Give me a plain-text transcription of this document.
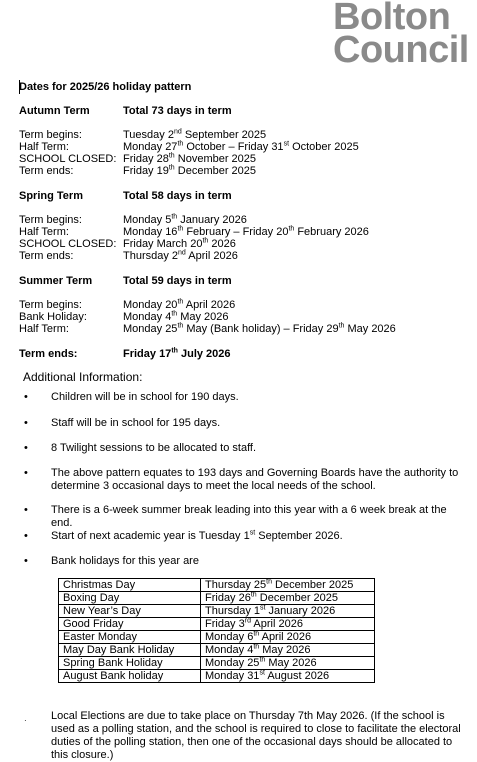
Bolton
Council
Dates for 2025/26 holiday pattern
Autumn Term	Total 73 days in term
Term begins:	Tuesday 2nd September 2025
Half Term:	Monday 27th October – Friday 31st October 2025
SCHOOL CLOSED: Friday 28th November 2025
Term ends:	Friday 19th December 2025
Spring Term	Total 58 days in term
Term begins:	Monday 5th January 2026
Half Term:	Monday 16th February – Friday 20th February 2026
SCHOOL CLOSED: Friday March 20th 2026
Term ends:	Thursday 2nd April 2026
Summer Term	Total 59 days in term
Term begins:	Monday 20th April 2026
Bank Holiday:	Monday 4th May 2026
Half Term:	Monday 25th May (Bank holiday) – Friday 29th May 2026
Term ends:	Friday 17th July 2026
Additional Information:
• Children will be in school for 190 days.
• Staff will be in school for 195 days.
• 8 Twilight sessions to be allocated to staff.
• The above pattern equates to 193 days and Governing Boards have the authority to determine 3 occasional days to meet the local needs of the school.
• There is a 6-week summer break leading into this year with a 6 week break at the end.
• Start of next academic year is Tuesday 1st September 2026.
• Bank holidays for this year are
Christmas Day	Thursday 25th December 2025
Boxing Day	Friday 26th December 2025
New Year’s Day	Thursday 1st January 2026
Good Friday	Friday 3rd April 2026
Easter Monday	Monday 6th April 2026
May Day Bank Holiday	Monday 4th May 2026
Spring Bank Holiday	Monday 25th May 2026
August Bank holiday	Monday 31st August 2026
· Local Elections are due to take place on Thursday 7th May 2026. (If the school is used as a polling station, and the school is required to close to facilitate the electoral duties of the polling station, then one of the occasional days should be allocated to this closure.)
